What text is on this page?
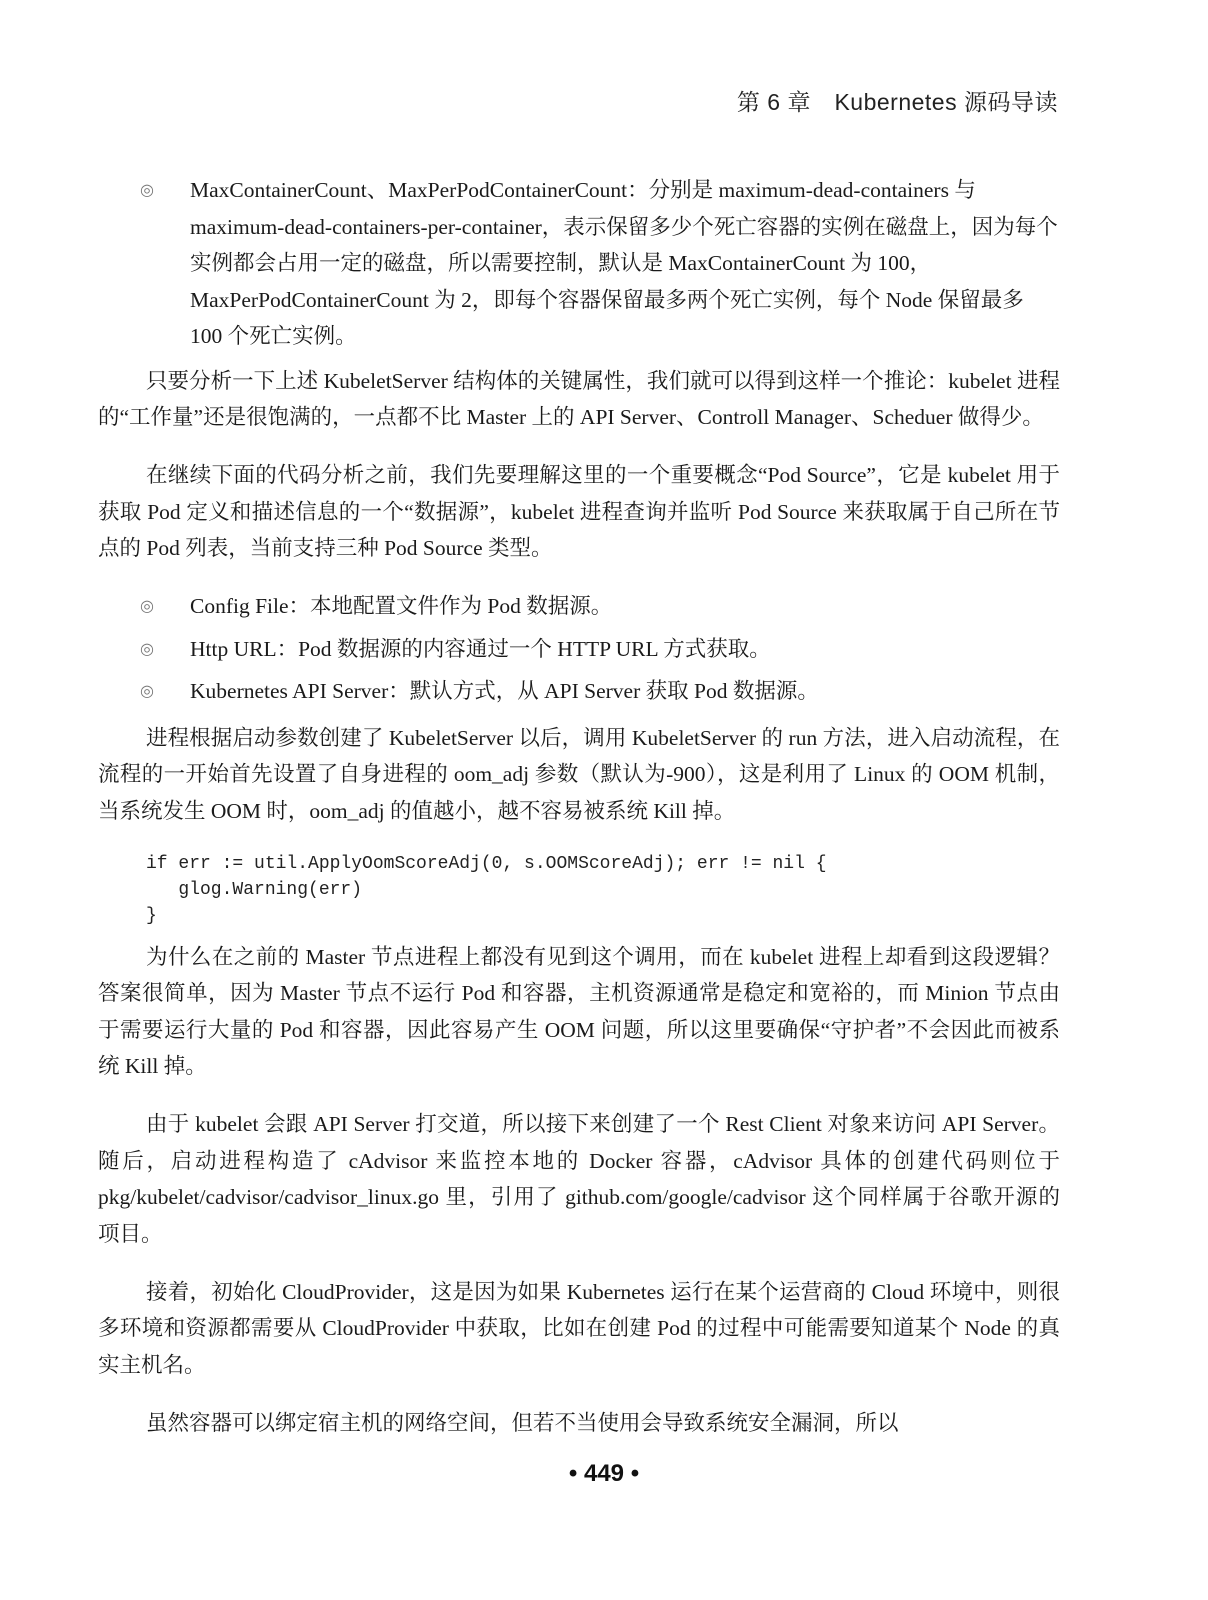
第 6 章　Kubernetes 源码导读
◎ MaxContainerCount、MaxPerPodContainerCount：分别是 maximum-dead-containers 与 maximum-dead-containers-per-container，表示保留多少个死亡容器的实例在磁盘上，因为每个实例都会占用一定的磁盘，所以需要控制，默认是 MaxContainerCount 为 100，MaxPerPodContainerCount 为 2，即每个容器保留最多两个死亡实例，每个 Node 保留最多 100 个死亡实例。

只要分析一下上述 KubeletServer 结构体的关键属性，我们就可以得到这样一个推论：kubelet 进程的“工作量”还是很饱满的，一点都不比 Master 上的 API Server、Controll Manager、Scheduer 做得少。

在继续下面的代码分析之前，我们先要理解这里的一个重要概念“Pod Source”，它是 kubelet 用于获取 Pod 定义和描述信息的一个“数据源”，kubelet 进程查询并监听 Pod Source 来获取属于自己所在节点的 Pod 列表，当前支持三种 Pod Source 类型。

◎ Config File：本地配置文件作为 Pod 数据源。
◎ Http URL：Pod 数据源的内容通过一个 HTTP URL 方式获取。
◎ Kubernetes API Server：默认方式，从 API Server 获取 Pod 数据源。

进程根据启动参数创建了 KubeletServer 以后，调用 KubeletServer 的 run 方法，进入启动流程，在流程的一开始首先设置了自身进程的 oom_adj 参数（默认为-900），这是利用了 Linux 的 OOM 机制，当系统发生 OOM 时，oom_adj 的值越小，越不容易被系统 Kill 掉。

if err := util.ApplyOomScoreAdj(0, s.OOMScoreAdj); err != nil {
glog.Warning(err)
}

为什么在之前的 Master 节点进程上都没有见到这个调用，而在 kubelet 进程上却看到这段逻辑？答案很简单，因为 Master 节点不运行 Pod 和容器，主机资源通常是稳定和宽裕的，而 Minion 节点由于需要运行大量的 Pod 和容器，因此容易产生 OOM 问题，所以这里要确保“守护者”不会因此而被系统 Kill 掉。

由于 kubelet 会跟 API Server 打交道，所以接下来创建了一个 Rest Client 对象来访问 API Server。随后，启动进程构造了 cAdvisor 来监控本地的 Docker 容器，cAdvisor 具体的创建代码则位于 pkg/kubelet/cadvisor/cadvisor_linux.go 里，引用了 github.com/google/cadvisor 这个同样属于谷歌开源的项目。

接着，初始化 CloudProvider，这是因为如果 Kubernetes 运行在某个运营商的 Cloud 环境中，则很多环境和资源都需要从 CloudProvider 中获取，比如在创建 Pod 的过程中可能需要知道某个 Node 的真实主机名。

虽然容器可以绑定宿主机的网络空间，但若不当使用会导致系统安全漏洞，所以

• 449 •
